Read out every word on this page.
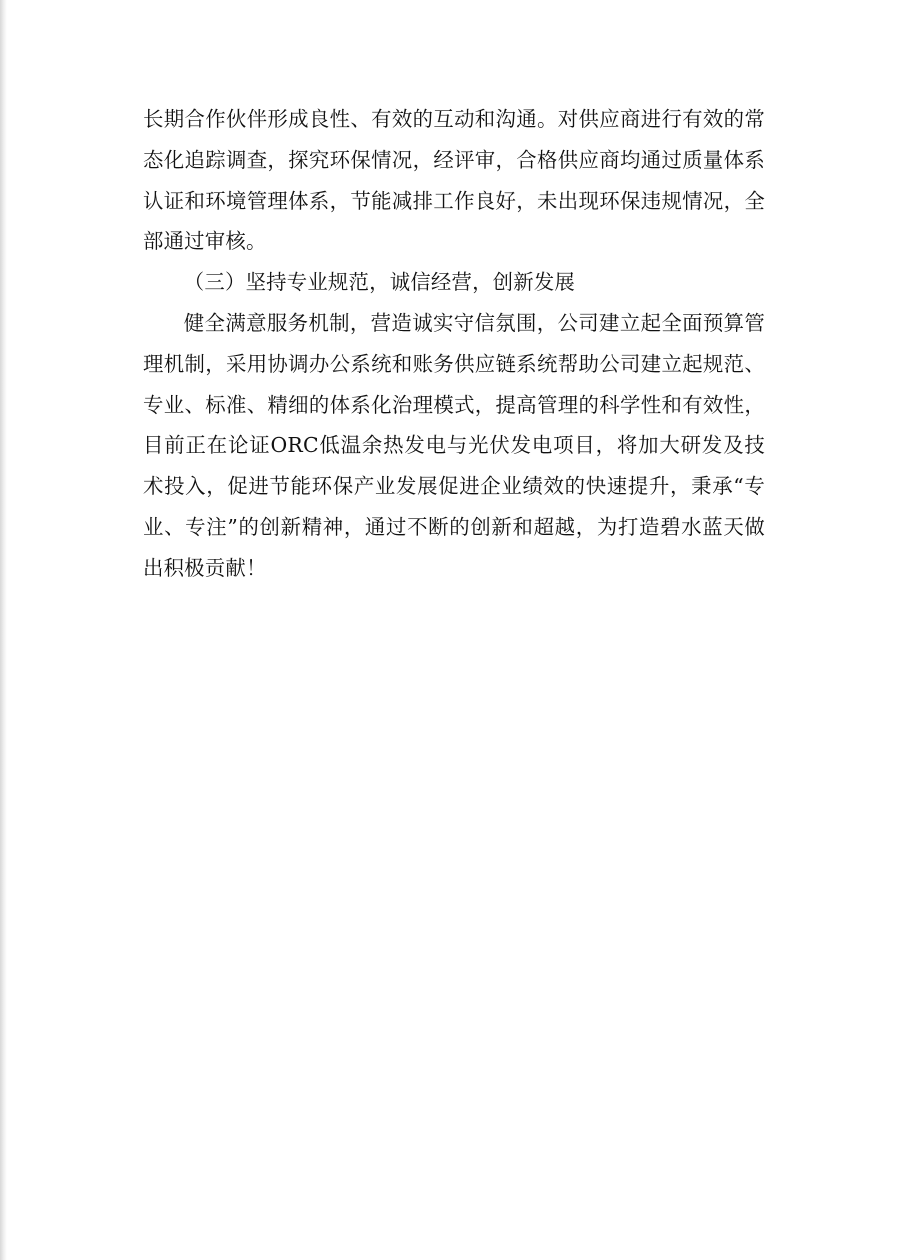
长期合作伙伴形成良性、有效的互动和沟通。对供应商进行有效的常态化追踪调查，探究环保情况，经评审，合格供应商均通过质量体系认证和环境管理体系，节能减排工作良好，未出现环保违规情况，全部通过审核。

（三）坚持专业规范，诚信经营，创新发展

健全满意服务机制，营造诚实守信氛围，公司建立起全面预算管理机制，采用协调办公系统和账务供应链系统帮助公司建立起规范、专业、标准、精细的体系化治理模式，提高管理的科学性和有效性，目前正在论证ORC低温余热发电与光伏发电项目，将加大研发及技术投入，促进节能环保产业发展促进企业绩效的快速提升，秉承“专业、专注”的创新精神，通过不断的创新和超越，为打造碧水蓝天做出积极贡献！
